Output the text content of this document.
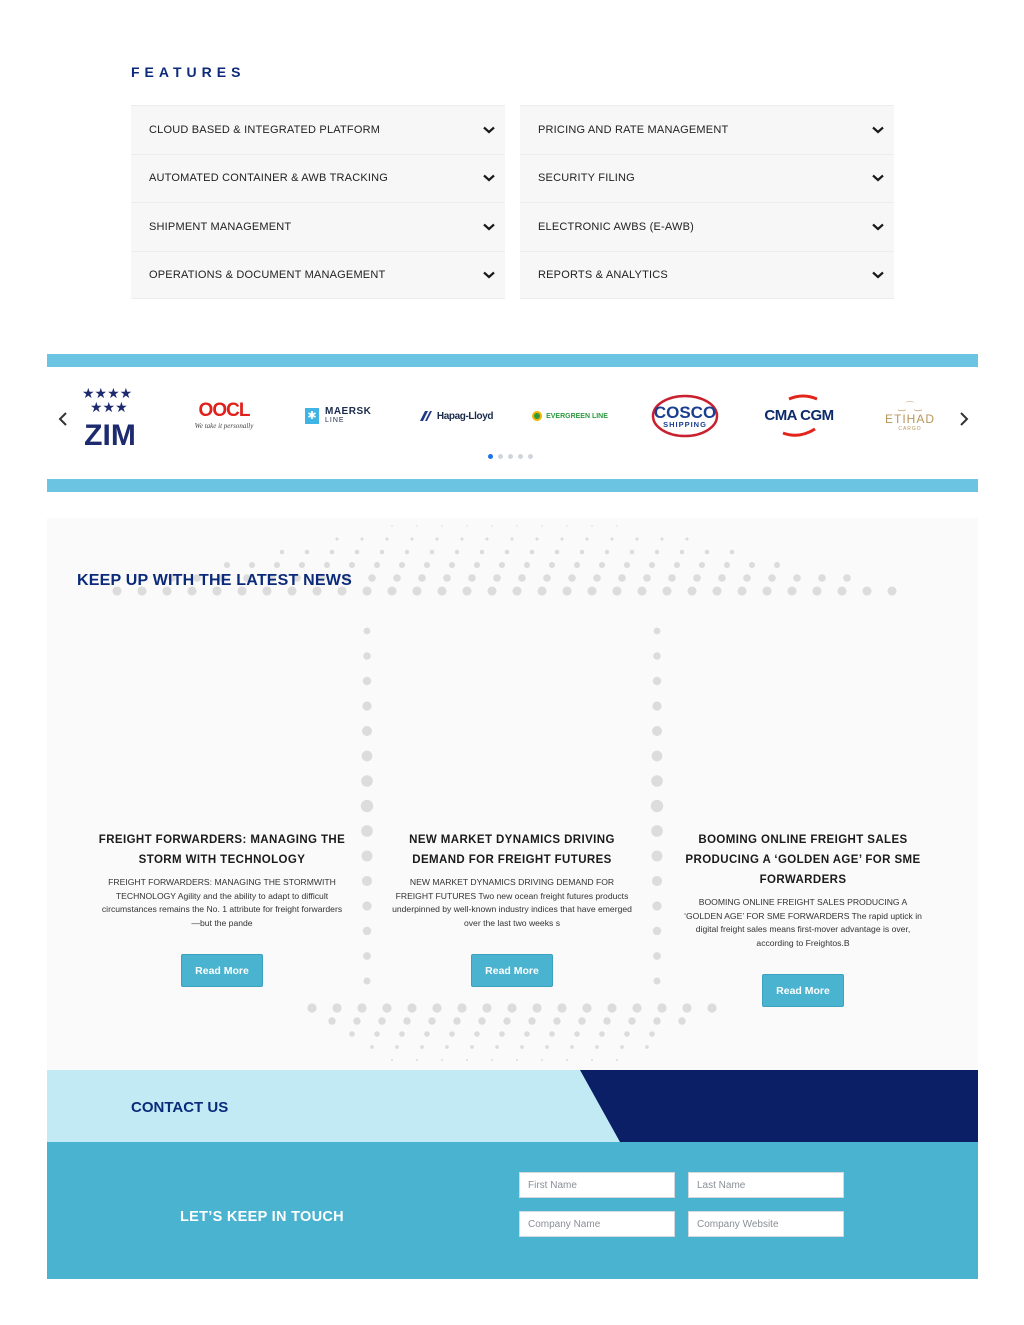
FEATURES
CLOUD BASED & INTEGRATED PLATFORM
AUTOMATED CONTAINER & AWB TRACKING
SHIPMENT MANAGEMENT
OPERATIONS & DOCUMENT MANAGEMENT
PRICING AND RATE MANAGEMENT
SECURITY FILING
ELECTRONIC AWBS (E-AWB)
REPORTS & ANALYTICS
★★★★
★★★
ZIM
OOCL
We take it personally
✱ MAERSK
LINE	Hapag-Lloyd	EVERGREEN LINE	COSCO
SHIPPING
CMA CGM	‿⌒‿
ETIHAD
CARGO
KEEP UP WITH THE LATEST NEWS
FREIGHT FORWARDERS: MANAGING THE STORM WITH TECHNOLOGY

FREIGHT FORWARDERS: MANAGING THE STORMWITH TECHNOLOGY Agility and the ability to adapt to difficult circumstances remains the No. 1 attribute for freight forwarders—but the pande

Read More
NEW MARKET DYNAMICS DRIVING DEMAND FOR FREIGHT FUTURES

NEW MARKET DYNAMICS DRIVING DEMAND FOR FREIGHT FUTURES Two new ocean freight futures products underpinned by well-known industry indices that have emerged over the last two weeks s

Read More
BOOMING ONLINE FREIGHT SALES PRODUCING A ‘GOLDEN AGE’ FOR SME FORWARDERS

BOOMING ONLINE FREIGHT SALES PRODUCING A ‘GOLDEN AGE’ FOR SME FORWARDERS The rapid uptick in digital freight sales means first-mover advantage is over, according to Freightos.B

Read More
CONTACT US
LET’S KEEP IN TOUCH
First Name
Last Name
Company Name
Company Website
